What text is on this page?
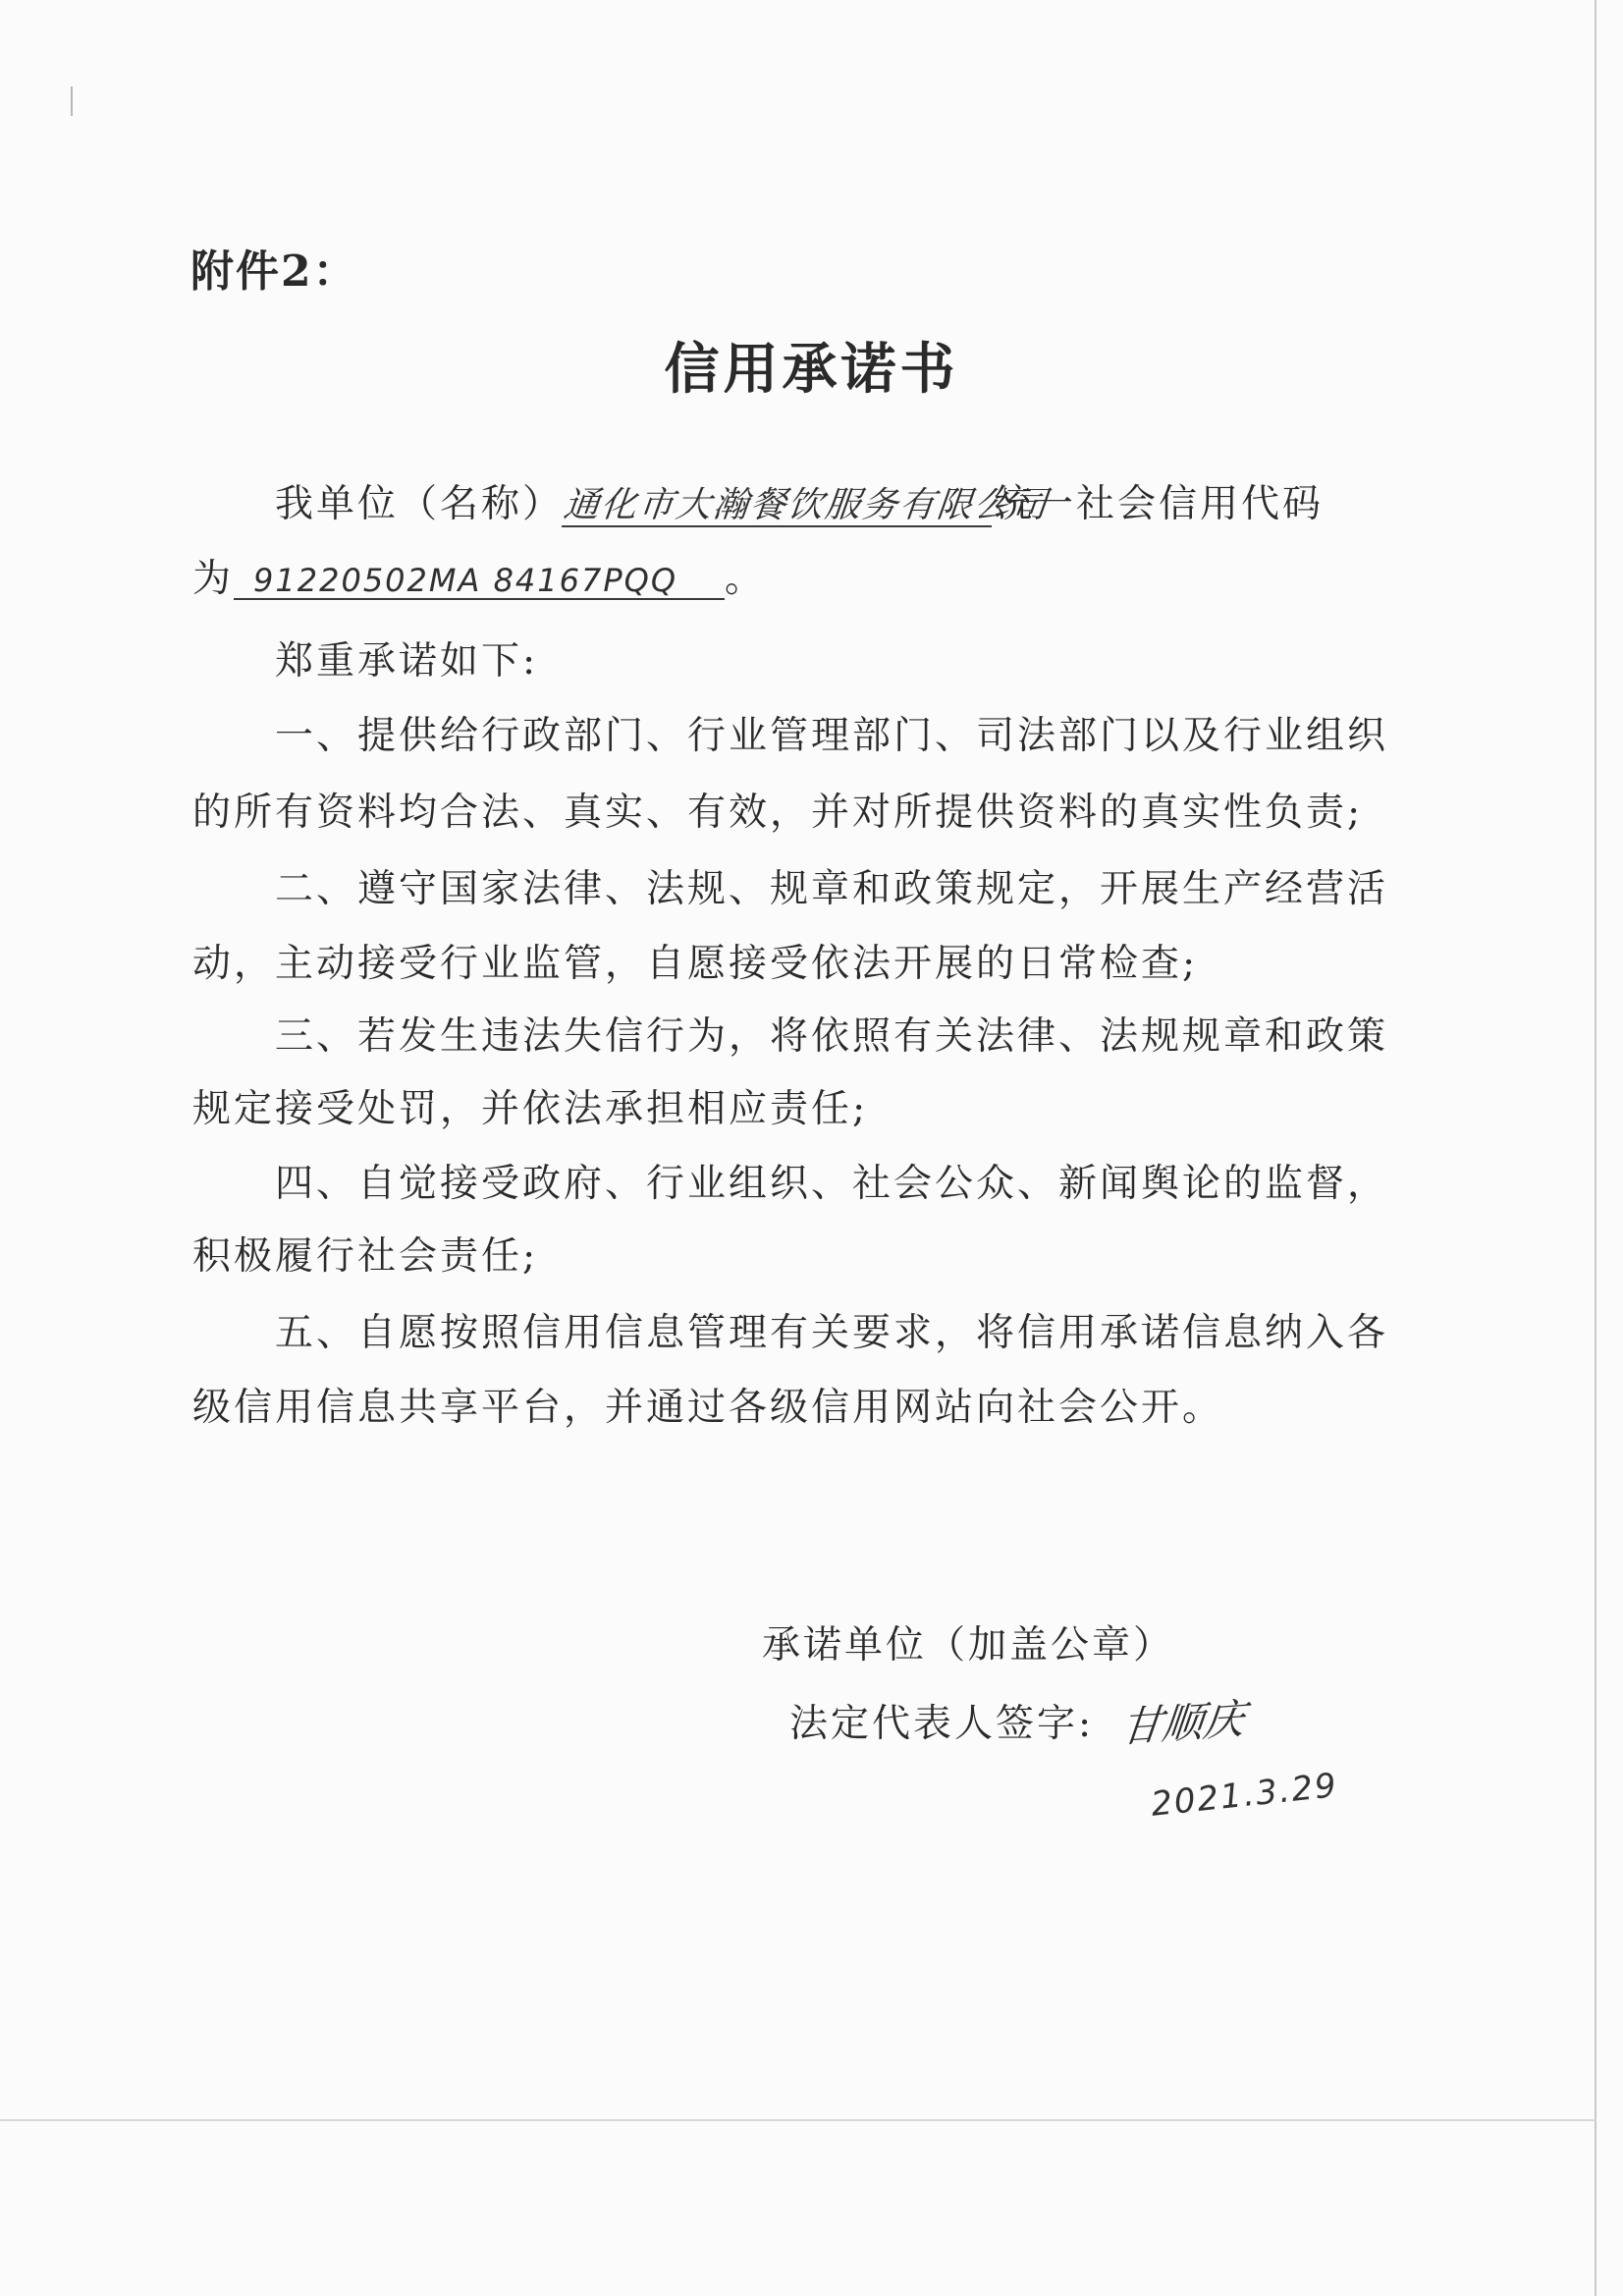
附件2：
信用承诺书
我单位（名称）通化市大瀚餐饮服务有限公司统一社会信用代码
为 91220502MA 84167PQQ 。
郑重承诺如下:
一、提供给行政部门、行业管理部门、司法部门以及行业组织
的所有资料均合法、真实、有效，并对所提供资料的真实性负责;
二、遵守国家法律、法规、规章和政策规定，开展生产经营活
动，主动接受行业监管，自愿接受依法开展的日常检查;
三、若发生违法失信行为，将依照有关法律、法规规章和政策
规定接受处罚，并依法承担相应责任;
四、自觉接受政府、行业组织、社会公众、新闻舆论的监督，
积极履行社会责任;
五、自愿按照信用信息管理有关要求，将信用承诺信息纳入各
级信用信息共享平台，并通过各级信用网站向社会公开。
承诺单位（加盖公章）
法定代表人签字: 甘顺庆
2021.3.29
